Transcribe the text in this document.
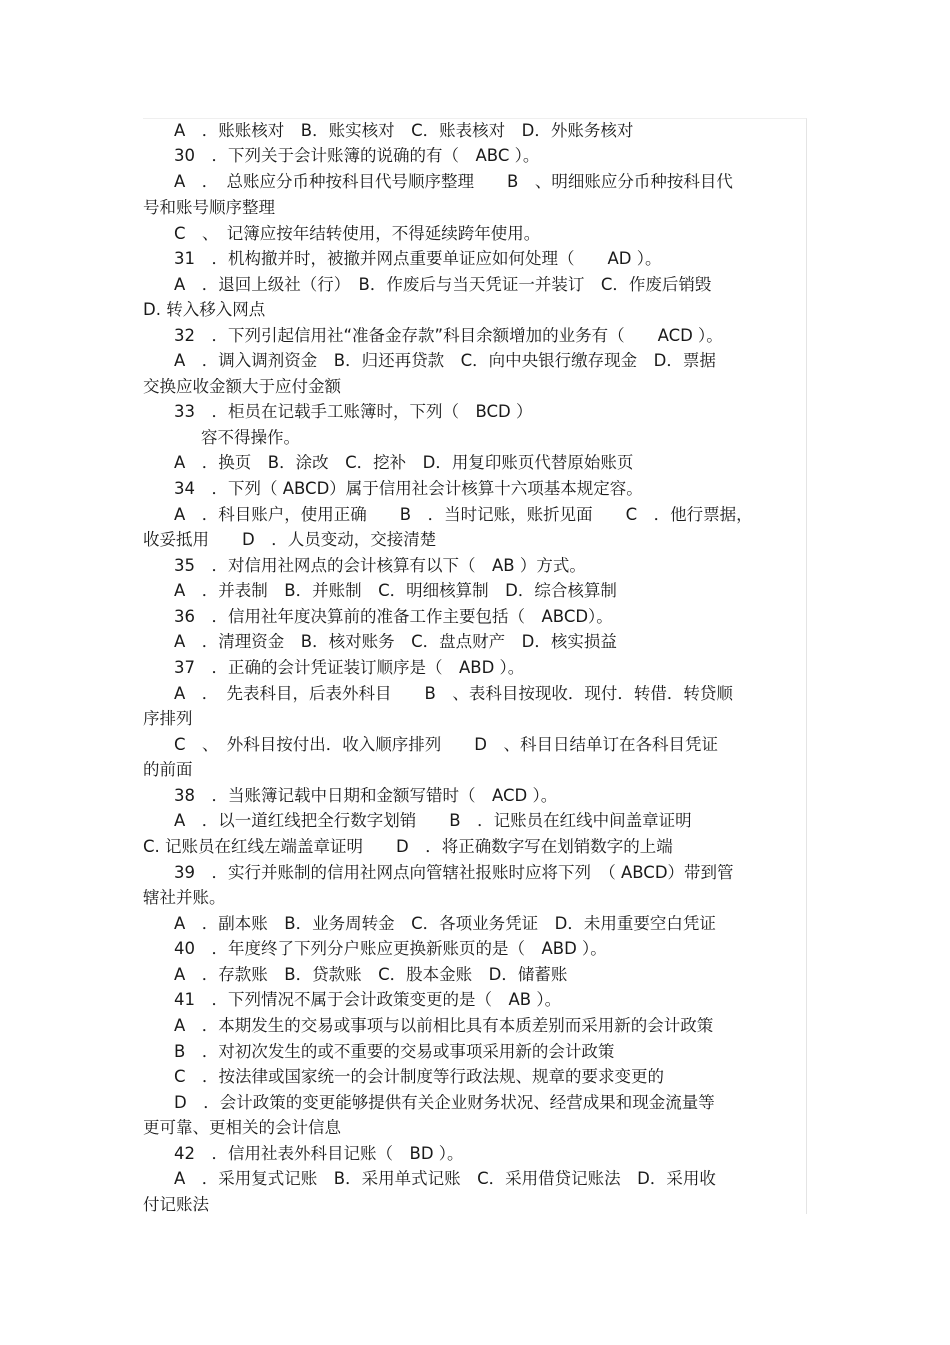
A　．账账核对　B．账实核对　C．账表核对　D．外账务核对
30　．下列关于会计账簿的说确的有（　ABC ）。
A　．　总账应分币种按科目代号顺序整理　　B　、明细账应分币种按科目代
号和账号顺序整理
C　、　记簿应按年结转使用，不得延续跨年使用。
31　．机构撤并时，被撤并网点重要单证应如何处理（　　AD ）。
A　．退回上级社（行）　B．作废后与当天凭证一并装订　C．作废后销毁
D. 转入移入网点
32　．下列引起信用社“准备金存款”科目余额增加的业务有（　　ACD ）。
A　．调入调剂资金　B．归还再贷款　C．向中央银行缴存现金　D．票据
交换应收金额大于应付金额
33　．柜员在记载手工账簿时，下列（　BCD ）
容不得操作。
A　．换页　B．涂改　C．挖补　D．用复印账页代替原始账页
34　．下列（ ABCD）属于信用社会计核算十六项基本规定容。
A　．科目账户，使用正确　　B　．当时记账，账折见面　　C　．他行票据，
收妥抵用　　D　．人员变动，交接清楚
35　．对信用社网点的会计核算有以下（　AB ）方式。
A　．并表制　B．并账制　C．明细核算制　D．综合核算制
36　．信用社年度决算前的准备工作主要包括（　ABCD）。
A　．清理资金　B．核对账务　C．盘点财产　D．核实损益
37　．正确的会计凭证装订顺序是（　ABD ）。
A　．　先表科目，后表外科目　　B　、表科目按现收．现付．转借．转贷顺
序排列
C　、　外科目按付出．收入顺序排列　　D　、科目日结单订在各科目凭证
的前面
38　．当账簿记载中日期和金额写错时（　ACD ）。
A　．以一道红线把全行数字划销　　B　．记账员在红线中间盖章证明
C. 记账员在红线左端盖章证明　　D　．将正确数字写在划销数字的上端
39　．实行并账制的信用社网点向管辖社报账时应将下列　（ ABCD）带到管
辖社并账。
A　．副本账　B．业务周转金　C．各项业务凭证　D．未用重要空白凭证
40　．年度终了下列分户账应更换新账页的是（　ABD ）。
A　．存款账　B．贷款账　C．股本金账　D．储蓄账
41　．下列情况不属于会计政策变更的是（　AB ）。
A　．本期发生的交易或事项与以前相比具有本质差别而采用新的会计政策
B　．对初次发生的或不重要的交易或事项采用新的会计政策
C　．按法律或国家统一的会计制度等行政法规、规章的要求变更的
D　．会计政策的变更能够提供有关企业财务状况、经营成果和现金流量等
更可靠、更相关的会计信息
42　．信用社表外科目记账（　BD ）。
A　．采用复式记账　B．采用单式记账　C．采用借贷记账法　D．采用收
付记账法
